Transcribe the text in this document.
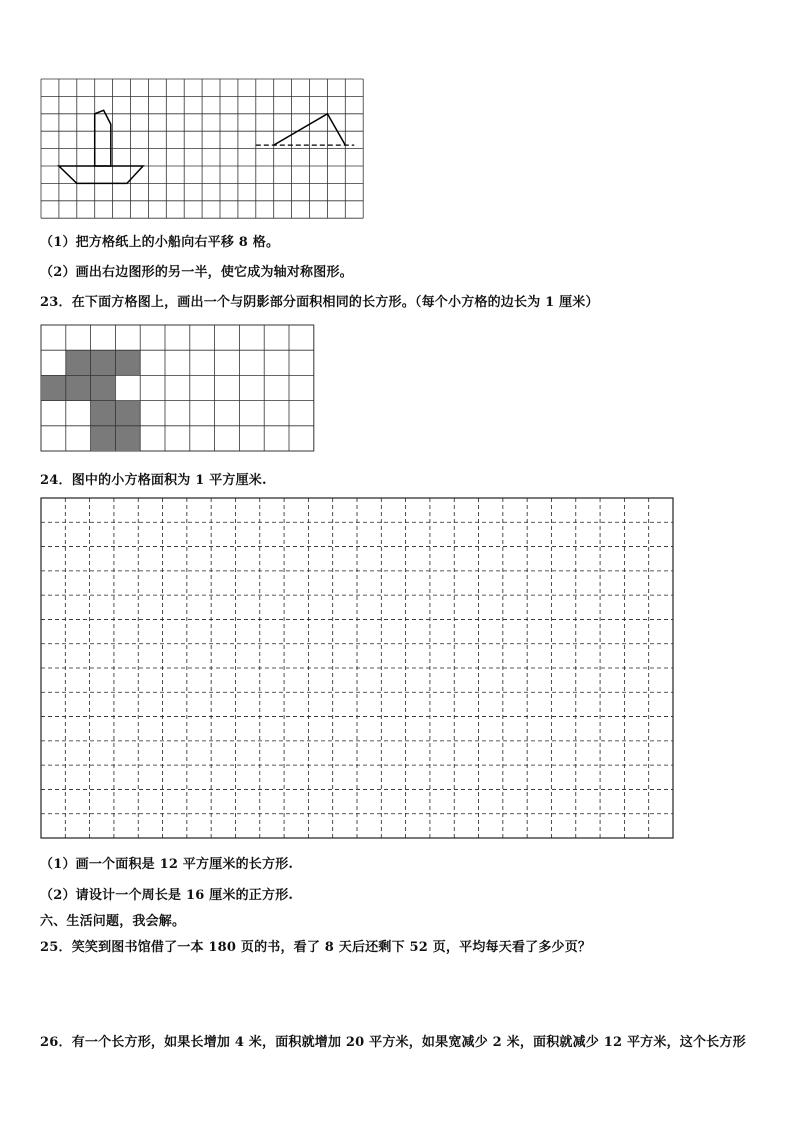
（1）把方格纸上的小船向右平移 8 格。
（2）画出右边图形的另一半，使它成为轴对称图形。
23．在下面方格图上，画出一个与阴影部分面积相同的长方形。（每个小方格的边长为 1 厘米）
24．图中的小方格面积为 1 平方厘米.
（1）画一个面积是 12 平方厘米的长方形.
（2）请设计一个周长是 16 厘米的正方形.
六、生活问题，我会解。
25．笑笑到图书馆借了一本 180 页的书，看了 8 天后还剩下 52 页，平均每天看了多少页？
26．有一个长方形，如果长增加 4 米，面积就增加 20 平方米，如果宽减少 2 米，面积就减少 12 平方米，这个长方形
